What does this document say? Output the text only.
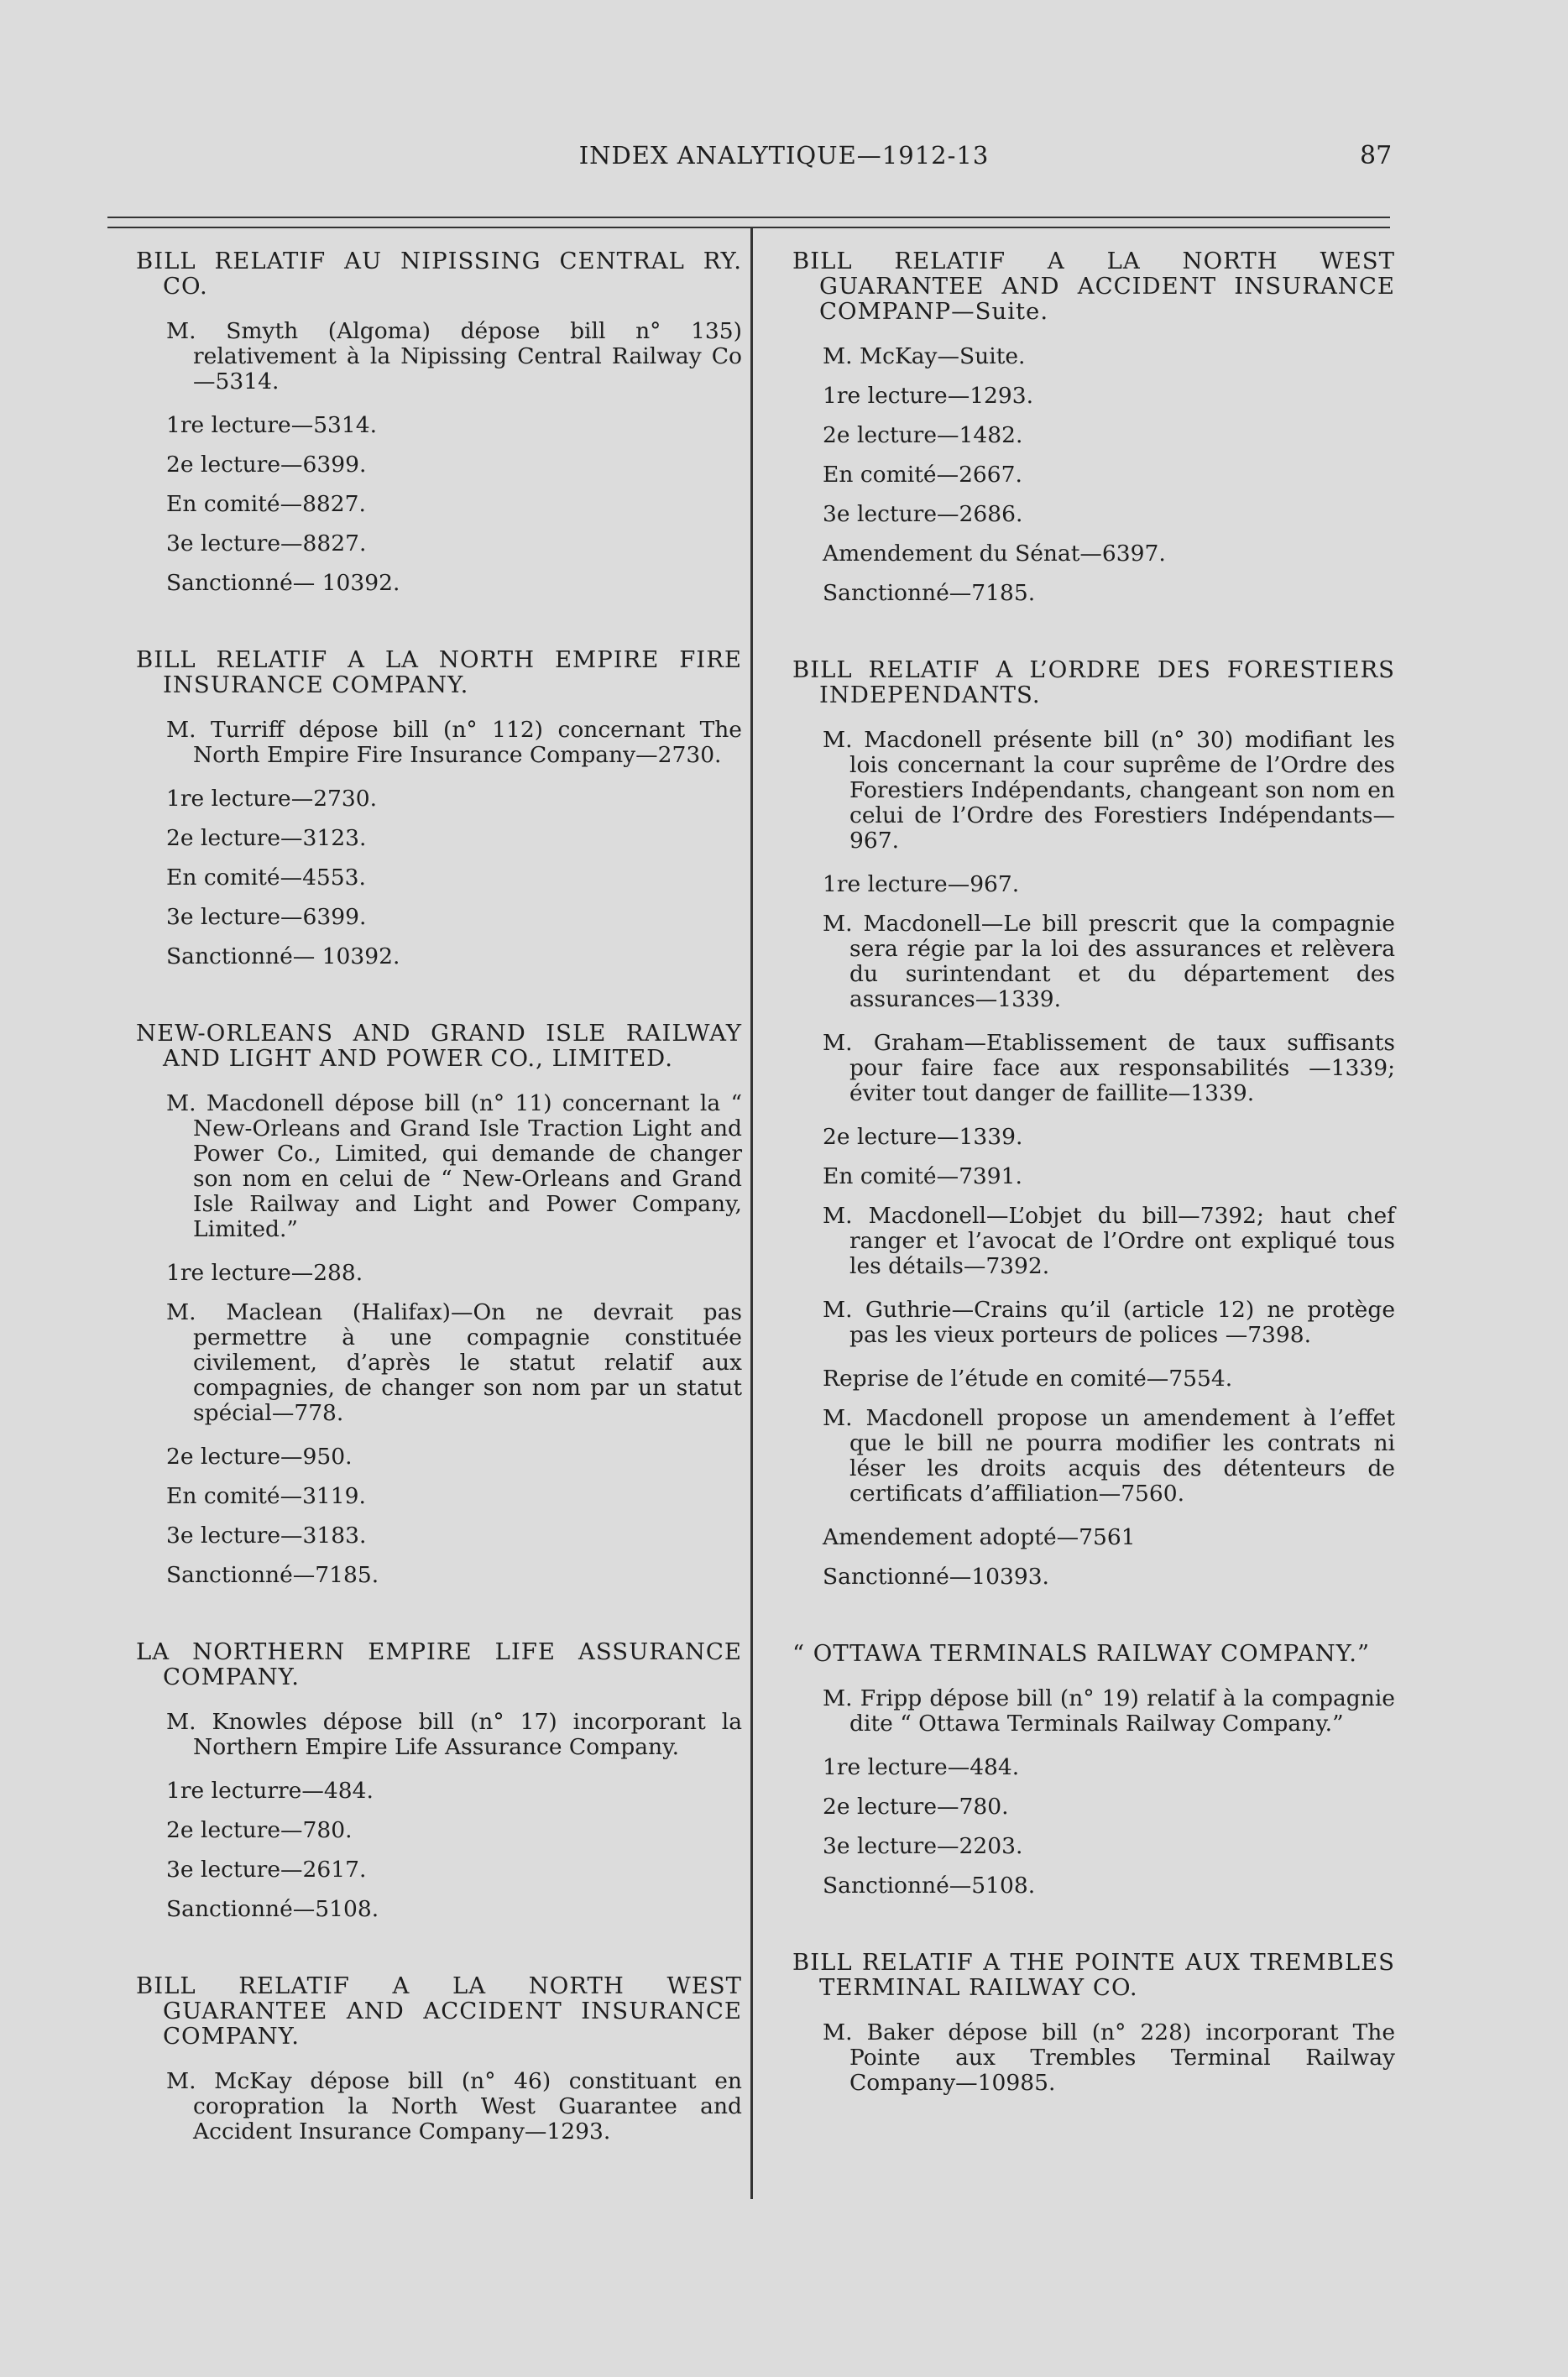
INDEX ANALYTIQUE—1912-13	87

BILL RELATIF AU NIPISSING CENTRAL RY. CO.

M. Smyth (Algoma) dépose bill n° 135) relativement à la Nipissing Central Railway Co—5314.

1re lecture—5314.

2e lecture—6399.

En comité—8827.

3e lecture—8827.

Sanctionné— 10392.

BILL RELATIF A LA NORTH EMPIRE FIRE INSURANCE COMPANY.

M. Turriff dépose bill (n° 112) concernant The North Empire Fire Insurance Company—2730.

1re lecture—2730.

2e lecture—3123.

En comité—4553.

3e lecture—6399.

Sanctionné— 10392.

NEW-ORLEANS AND GRAND ISLE RAILWAY AND LIGHT AND POWER CO., LIMITED.

M. Macdonell dépose bill (n° 11) concernant la “ New-Orleans and Grand Isle Traction Light and Power Co., Limited, qui demande de changer son nom en celui de “ New-Orleans and Grand Isle Railway and Light and Power Company, Limited.”

1re lecture—288.

M. Maclean (Halifax)—On ne devrait pas permettre à une compagnie constituée civilement, d’après le statut relatif aux compagnies, de changer son nom par un statut spécial—778.

2e lecture—950.

En comité—3119.

3e lecture—3183.

Sanctionné—7185.

LA NORTHERN EMPIRE LIFE ASSURANCE COMPANY.

M. Knowles dépose bill (n° 17) incorporant la Northern Empire Life Assurance Company.

1re lecturre—484.

2e lecture—780.

3e lecture—2617.

Sanctionné—5108.

BILL RELATIF A LA NORTH WEST GUARANTEE AND ACCIDENT INSURANCE COMPANY.

M. McKay dépose bill (n° 46) constituant en coropration la North West Guarantee and Accident Insurance Company—1293.

BILL RELATIF A LA NORTH WEST GUARANTEE AND ACCIDENT INSURANCE COMPANP—Suite.

M. McKay—Suite.

1re lecture—1293.

2e lecture—1482.

En comité—2667.

3e lecture—2686.

Amendement du Sénat—6397.

Sanctionné—7185.

BILL RELATIF A L’ORDRE DES FORESTIERS INDEPENDANTS.

M. Macdonell présente bill (n° 30) modifiant les lois concernant la cour suprême de l’Ordre des Forestiers Indépendants, changeant son nom en celui de l’Ordre des Forestiers Indépendants—967.

1re lecture—967.

M. Macdonell—Le bill prescrit que la compagnie sera régie par la loi des assurances et relèvera du surintendant et du département des assurances—1339.

M. Graham—Etablissement de taux suffisants pour faire face aux responsabilités —1339; éviter tout danger de faillite—1339.

2e lecture—1339.

En comité—7391.

M. Macdonell—L’objet du bill—7392; haut chef ranger et l’avocat de l’Ordre ont expliqué tous les détails—7392.

M. Guthrie—Crains qu’il (article 12) ne protège pas les vieux porteurs de polices —7398.

Reprise de l’étude en comité—7554.

M. Macdonell propose un amendement à l’effet que le bill ne pourra modifier les contrats ni léser les droits acquis des détenteurs de certificats d’affiliation—7560.

Amendement adopté—7561

Sanctionné—10393.

“ OTTAWA TERMINALS RAILWAY COMPANY.”

M. Fripp dépose bill (n° 19) relatif à la compagnie dite “ Ottawa Terminals Railway Company.”

1re lecture—484.

2e lecture—780.

3e lecture—2203.

Sanctionné—5108.

BILL RELATIF A THE POINTE AUX TREMBLES TERMINAL RAILWAY CO.

M. Baker dépose bill (n° 228) incorporant The Pointe aux Trembles Terminal Railway Company—10985.
